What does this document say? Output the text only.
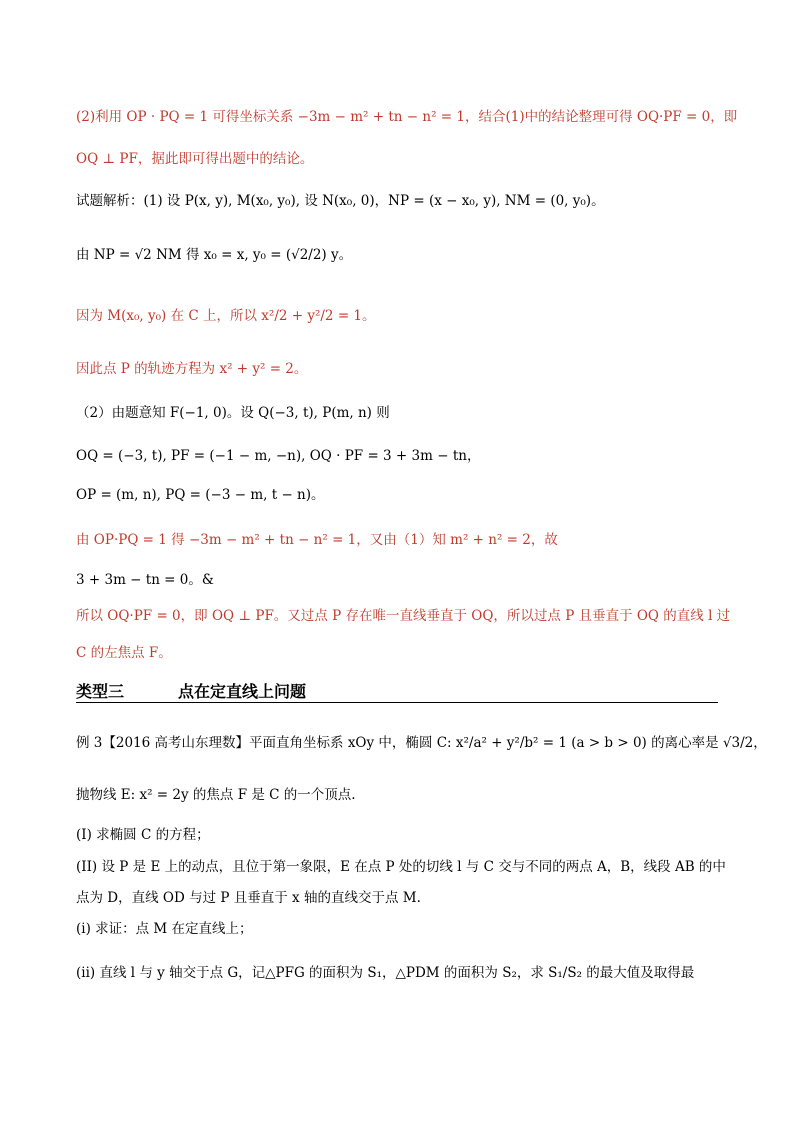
(2)利用 OP · PQ = 1 可得坐标关系 −3m − m² + tn − n² = 1，结合(1)中的结论整理可得 OQ·PF = 0，即
OQ ⊥ PF，据此即可得出题中的结论。
试题解析：(1) 设 P(x, y), M(x₀, y₀), 设 N(x₀, 0)，NP = (x − x₀, y), NM = (0, y₀)。
由 NP = √2 NM 得 x₀ = x, y₀ = (√2/2) y。
因为 M(x₀, y₀) 在 C 上，所以 x²/2 + y²/2 = 1。
因此点 P 的轨迹方程为 x² + y² = 2。
（2）由题意知 F(−1, 0)。设 Q(−3, t), P(m, n) 则
OQ = (−3, t), PF = (−1 − m, −n), OQ · PF = 3 + 3m − tn，
OP = (m, n), PQ = (−3 − m, t − n)。
由 OP·PQ = 1 得 −3m − m² + tn − n² = 1，又由（1）知 m² + n² = 2，故
3 + 3m − tn = 0。&
所以 OQ·PF = 0，即 OQ ⊥ PF。又过点 P 存在唯一直线垂直于 OQ，所以过点 P 且垂直于 OQ 的直线 l 过
C 的左焦点 F。
例 3【2016 高考山东理数】平面直角坐标系 xOy 中，椭圆 C: x²/a² + y²/b² = 1 (a > b > 0) 的离心率是 √3/2，
抛物线 E: x² = 2y 的焦点 F 是 C 的一个顶点.
(I) 求椭圆 C 的方程；
(II) 设 P 是 E 上的动点，且位于第一象限，E 在点 P 处的切线 l 与 C 交与不同的两点 A，B，线段 AB 的中
点为 D，直线 OD 与过 P 且垂直于 x 轴的直线交于点 M.
(i) 求证：点 M 在定直线上；
(ii) 直线 l 与 y 轴交于点 G，记△PFG 的面积为 S₁，△PDM 的面积为 S₂，求 S₁/S₂ 的最大值及取得最
类型三	点在定直线上问题
